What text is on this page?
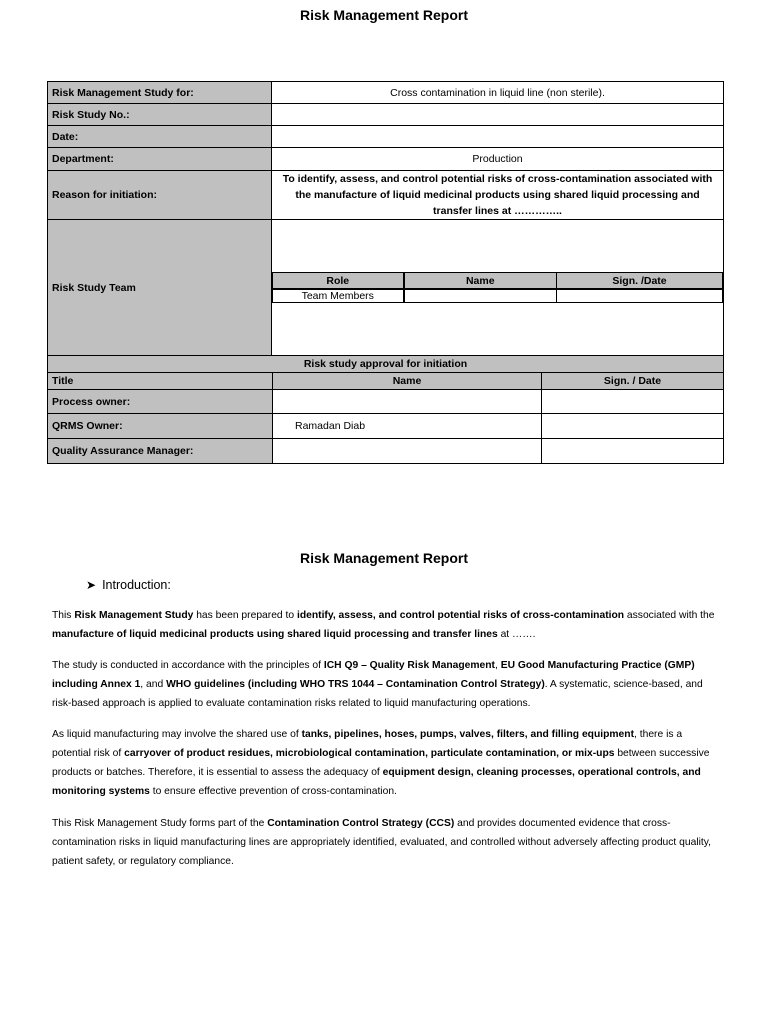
Risk Management Report
Risk Management Study for:	Cross contamination in liquid line (non sterile).
Risk Study No.:	
Date:	
Department:	Production
Reason for initiation:	To identify, assess, and control potential risks of cross-contamination associated with the manufacture of liquid medicinal products using shared liquid processing and transfer lines at …………..
Risk Study Team	
Role	Name	Sign. /Date
Team Members		
Risk study approval for initiation		
Title	Name	Sign. / Date
Process owner:		
QRMS Owner:	Ramadan Diab	
Quality Assurance Manager:		
Risk Management Report
➤ Introduction:

This Risk Management Study has been prepared to identify, assess, and control potential risks of cross-contamination associated with the manufacture of liquid medicinal products using shared liquid processing and transfer lines at …….

The study is conducted in accordance with the principles of ICH Q9 – Quality Risk Management, EU Good Manufacturing Practice (GMP) including Annex 1, and WHO guidelines (including WHO TRS 1044 – Contamination Control Strategy). A systematic, science-based, and risk-based approach is applied to evaluate contamination risks related to liquid manufacturing operations.

As liquid manufacturing may involve the shared use of tanks, pipelines, hoses, pumps, valves, filters, and filling equipment, there is a potential risk of carryover of product residues, microbiological contamination, particulate contamination, or mix-ups between successive products or batches. Therefore, it is essential to assess the adequacy of equipment design, cleaning processes, operational controls, and monitoring systems to ensure effective prevention of cross-contamination.

This Risk Management Study forms part of the Contamination Control Strategy (CCS) and provides documented evidence that cross-contamination risks in liquid manufacturing lines are appropriately identified, evaluated, and controlled without adversely affecting product quality, patient safety, or regulatory compliance.
